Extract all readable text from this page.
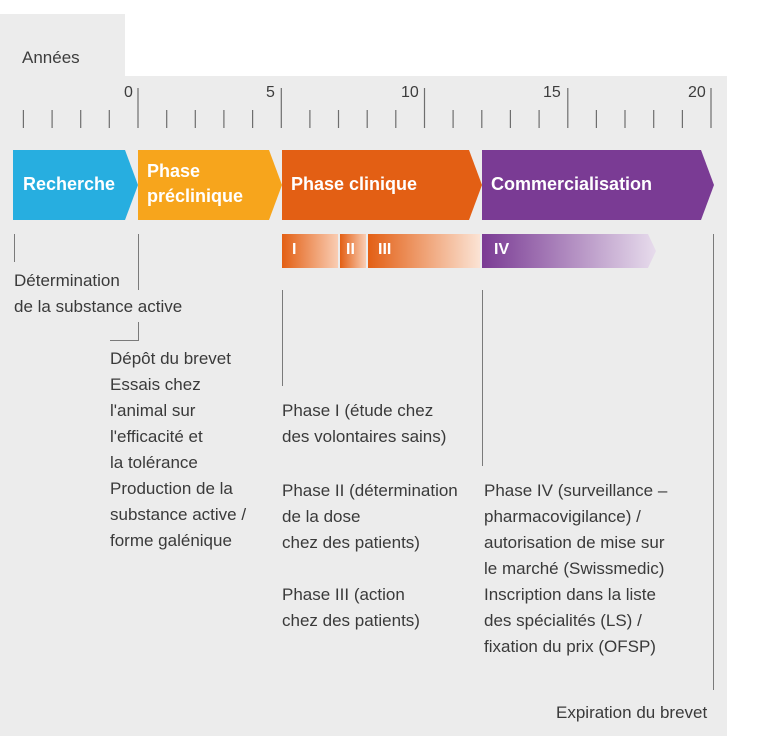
Années
0	5	10	15	20
Recherche
Phase
préclinique
Phase clinique	Commercialisation
I	II III	IV
Détermination
de la substance active
Dépôt du brevet
Essais chez
l'animal sur
l'efficacité et
la tolérance
Production de la
substance active /
forme galénique
Phase I (étude chez
des volontaires sains)
Phase II (détermination
de la dose
chez des patients)
Phase III (action
chez des patients)
Phase IV (surveillance –
pharmacovigilance) /
autorisation de mise sur
le marché (Swissmedic)
Inscription dans la liste
des spécialités (LS) /
fixation du prix (OFSP)
Expiration du brevet
